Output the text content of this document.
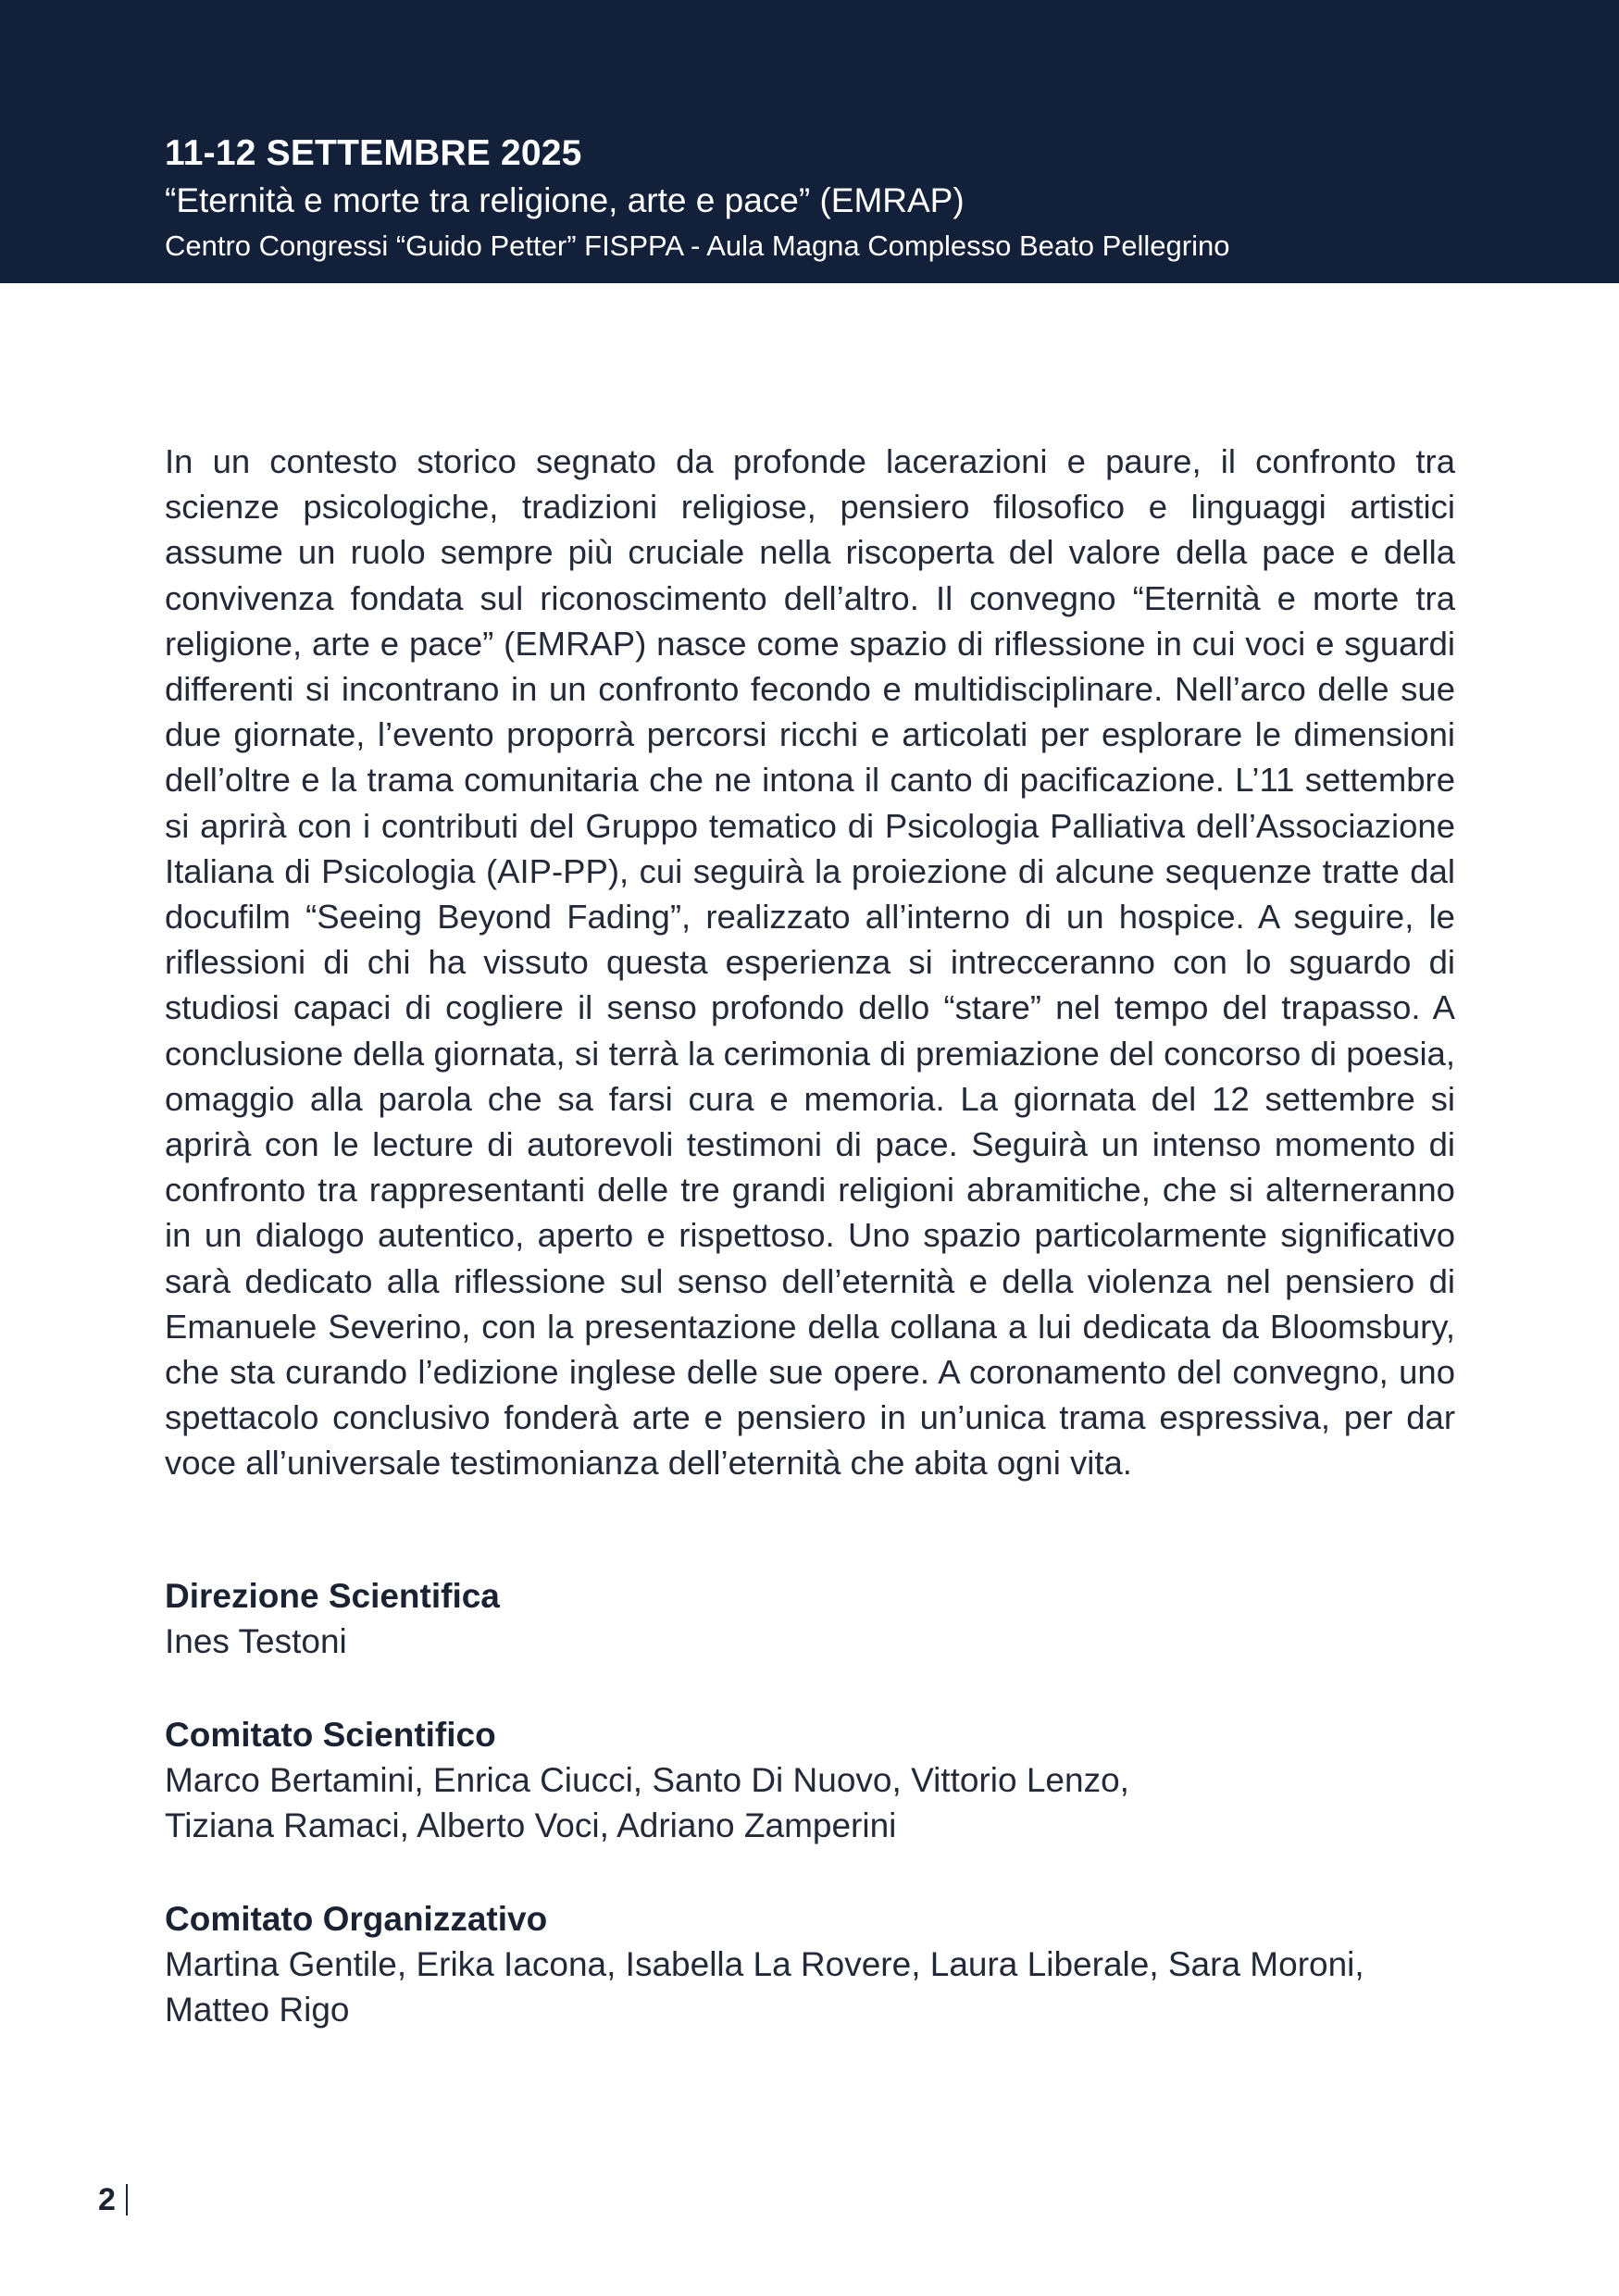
11-12 SETTEMBRE 2025
“Eternità e morte tra religione, arte e pace” (EMRAP)

Centro Congressi “Guido Petter” FISPPA - Aula Magna Complesso Beato Pellegrino

In un contesto storico segnato da profonde lacerazioni e paure, il confronto tra scienze psicologiche, tradizioni religiose, pensiero filosofico e linguaggi artistici assume un ruolo sempre più cruciale nella riscoperta del valore della pace e della convivenza fondata sul riconoscimento dell’altro. Il convegno “Eternità e morte tra religione, arte e pace” (EMRAP) nasce come spazio di riflessione in cui voci e sguardi differenti si incontrano in un confronto fecondo e multidisciplinare. Nell’arco delle sue due giornate, l’evento proporrà percorsi ricchi e articolati per esplorare le dimensioni dell’oltre e la trama comunitaria che ne intona il canto di pacificazione. L’11 settembre si aprirà con i contributi del Gruppo tematico di Psicologia Palliativa dell’Associazione Italiana di Psicologia (AIP-PP), cui seguirà la proiezione di alcune sequenze tratte dal docufilm “Seeing Beyond Fading”, realizzato all’interno di un hospice. A seguire, le riflessioni di chi ha vissuto questa esperienza si intrecceranno con lo sguardo di studiosi capaci di cogliere il senso profondo dello “stare” nel tempo del trapasso. A conclusione della giornata, si terrà la cerimonia di premiazione del concorso di poesia, omaggio alla parola che sa farsi cura e memoria. La giornata del 12 settembre si aprirà con le lecture di autorevoli testimoni di pace. Seguirà un intenso momento di confronto tra rappresentanti delle tre grandi religioni abramitiche, che si alterneranno in un dialogo autentico, aperto e rispettoso. Uno spazio particolarmente significativo sarà dedicato alla riflessione sul senso dell’eternità e della violenza nel pensiero di Emanuele Severino, con la presentazione della collana a lui dedicata da Bloomsbury, che sta curando l’edizione inglese delle sue opere. A coronamento del convegno, uno spettacolo conclusivo fonderà arte e pensiero in un’unica trama espressiva, per dar voce all’universale testimonianza dell’eternità che abita ogni vita.

Direzione Scientifica

Ines Testoni

Comitato Scientifico

Marco Bertamini, Enrica Ciucci, Santo Di Nuovo, Vittorio Lenzo,

Tiziana Ramaci, Alberto Voci, Adriano Zamperini

Comitato Organizzativo

Martina Gentile, Erika Iacona, Isabella La Rovere, Laura Liberale, Sara Moroni,

Matteo Rigo

2
